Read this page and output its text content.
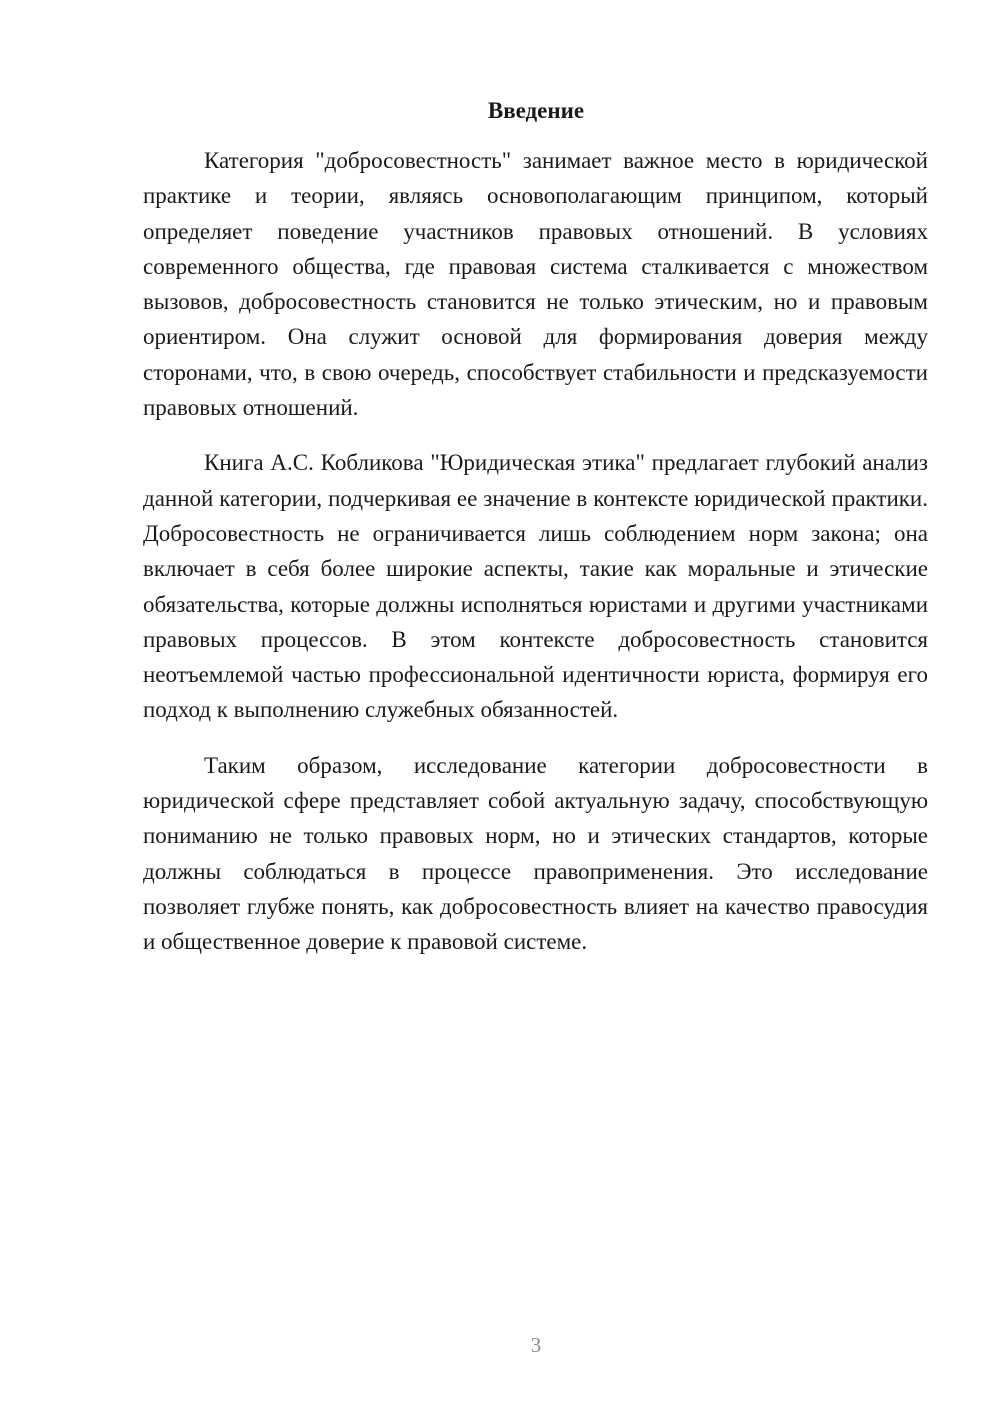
Введение

Категория "добросовестность" занимает важное место в юридической практике и теории, являясь основополагающим принципом, который определяет поведение участников правовых отношений. В условиях современного общества, где правовая система сталкивается с множеством вызовов, добросовестность становится не только этическим, но и правовым ориентиром. Она служит основой для формирования доверия между сторонами, что, в свою очередь, способствует стабильности и предсказуемости правовых отношений.

Книга А.С. Кобликова "Юридическая этика" предлагает глубокий анализ данной категории, подчеркивая ее значение в контексте юридической практики. Добросовестность не ограничивается лишь соблюдением норм закона; она включает в себя более широкие аспекты, такие как моральные и этические обязательства, которые должны исполняться юристами и другими участниками правовых процессов. В этом контексте добросовестность становится неотъемлемой частью профессиональной идентичности юриста, формируя его подход к выполнению служебных обязанностей.

Таким образом, исследование категории добросовестности в юридической сфере представляет собой актуальную задачу, способствующую пониманию не только правовых норм, но и этических стандартов, которые должны соблюдаться в процессе правоприменения. Это исследование позволяет глубже понять, как добросовестность влияет на качество правосудия и общественное доверие к правовой системе.

3
